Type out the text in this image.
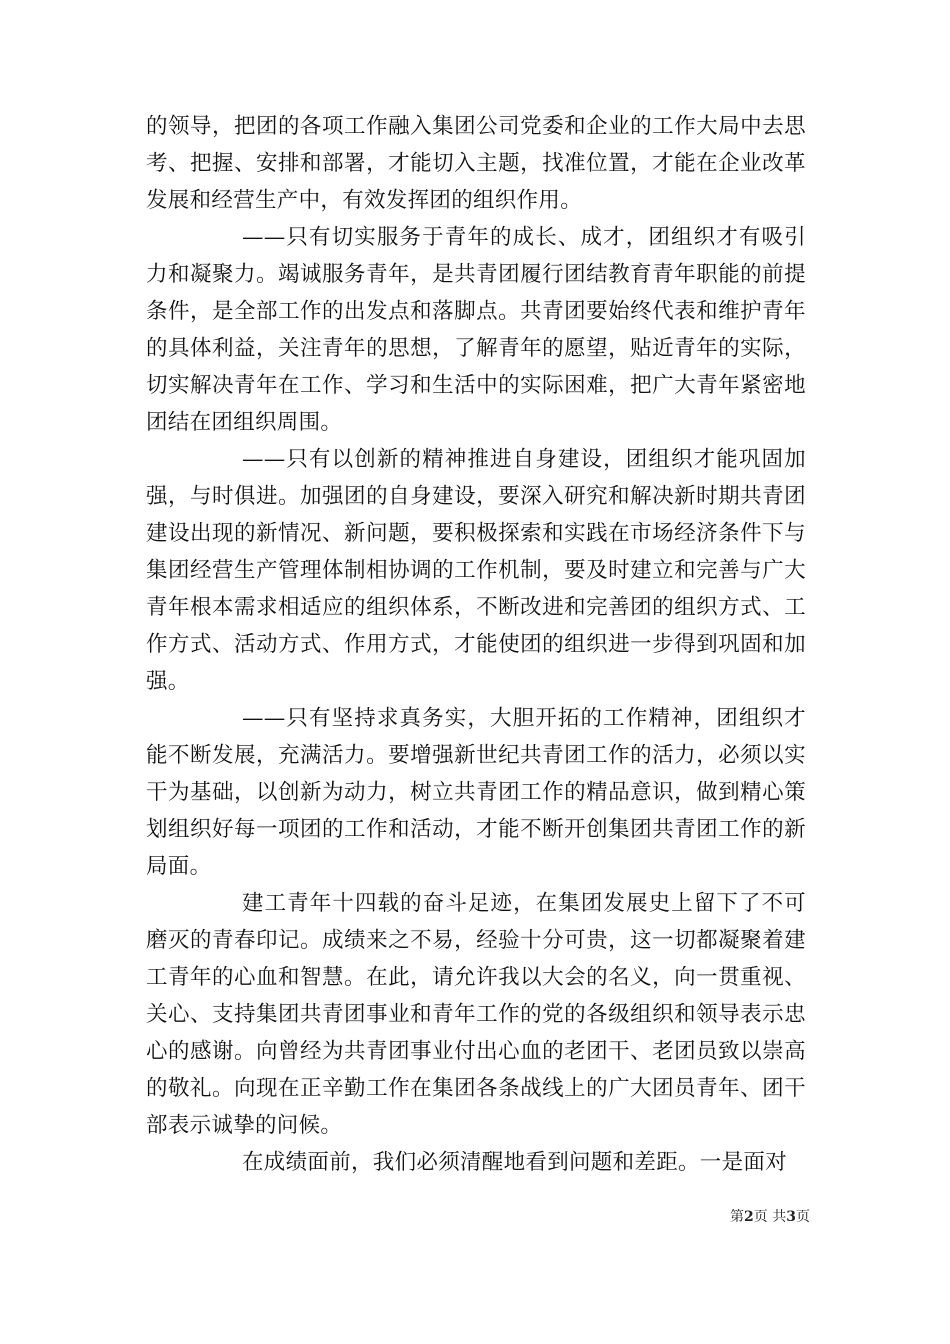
的领导，把团的各项工作融入集团公司党委和企业的工作大局中去思考、把握、安排和部署，才能切入主题，找准位置，才能在企业改革发展和经营生产中，有效发挥团的组织作用。

——只有切实服务于青年的成长、成才，团组织才有吸引力和凝聚力。竭诚服务青年，是共青团履行团结教育青年职能的前提条件，是全部工作的出发点和落脚点。共青团要始终代表和维护青年的具体利益，关注青年的思想，了解青年的愿望，贴近青年的实际，切实解决青年在工作、学习和生活中的实际困难，把广大青年紧密地团结在团组织周围。

——只有以创新的精神推进自身建设，团组织才能巩固加强，与时俱进。加强团的自身建设，要深入研究和解决新时期共青团建设出现的新情况、新问题，要积极探索和实践在市场经济条件下与集团经营生产管理体制相协调的工作机制，要及时建立和完善与广大青年根本需求相适应的组织体系，不断改进和完善团的组织方式、工作方式、活动方式、作用方式，才能使团的组织进一步得到巩固和加强。

——只有坚持求真务实，大胆开拓的工作精神，团组织才能不断发展，充满活力。要增强新世纪共青团工作的活力，必须以实干为基础，以创新为动力，树立共青团工作的精品意识，做到精心策划组织好每一项团的工作和活动，才能不断开创集团共青团工作的新局面。

建工青年十四载的奋斗足迹，在集团发展史上留下了不可磨灭的青春印记。成绩来之不易，经验十分可贵，这一切都凝聚着建工青年的心血和智慧。在此，请允许我以大会的名义，向一贯重视、关心、支持集团共青团事业和青年工作的党的各级组织和领导表示忠心的感谢。向曾经为共青团事业付出心血的老团干、老团员致以崇高的敬礼。向现在正辛勤工作在集团各条战线上的广大团员青年、团干部表示诚挚的问候。

在成绩面前，我们必须清醒地看到问题和差距。一是面对

第2页 共3页
